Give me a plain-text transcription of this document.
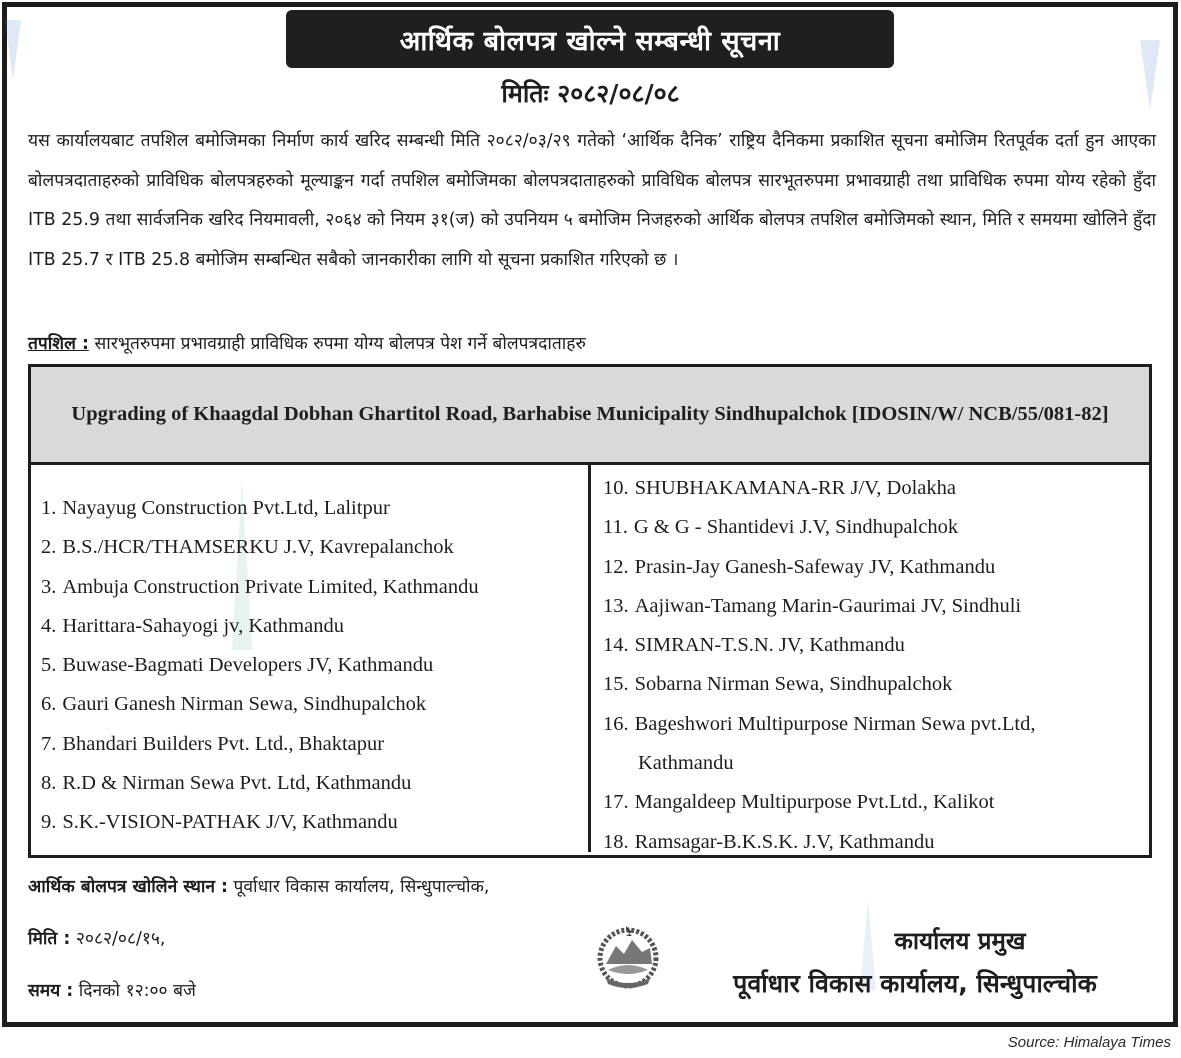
आर्थिक बोलपत्र खोल्ने सम्बन्धी सूचना
मितिः २०८२/०८/०८

यस कार्यालयबाट तपशिल बमोजिमका निर्माण कार्य खरिद सम्बन्धी मिति २०८२/०३/२९ गतेको ‘आर्थिक दैनिक’ राष्ट्रिय दैनिकमा प्रकाशित सूचना बमोजिम रितपूर्वक दर्ता हुन आएका बोलपत्रदाताहरुको प्राविधिक बोलपत्रहरुको मूल्याङ्कन गर्दा तपशिल बमोजिमका बोलपत्रदाताहरुको प्राविधिक बोलपत्र सारभूतरुपमा प्रभावग्राही तथा प्राविधिक रुपमा योग्य रहेको हुँदा ITB 25.9 तथा सार्वजनिक खरिद नियमावली, २०६४ को नियम ३१(ज) को उपनियम ५ बमोजिम निजहरुको आर्थिक बोलपत्र तपशिल बमोजिमको स्थान, मिति र समयमा खोलिने हुँदा ITB 25.7 र ITB 25.8 बमोजिम सम्बन्धित सबैको जानकारीका लागि यो सूचना प्रकाशित गरिएको छ ।

तपशिल : सारभूतरुपमा प्रभावग्राही प्राविधिक रुपमा योग्य बोलपत्र पेश गर्ने बोलपत्रदाताहरु
Upgrading of Khaagdal Dobhan Ghartitol Road, Barhabise Municipality Sindhupalchok [IDOSIN/W/ NCB/55/081-82]
1. Nayayug Construction Pvt.Ltd, Lalitpur
2. B.S./HCR/THAMSERKU J.V, Kavrepalanchok
3. Ambuja Construction Private Limited, Kathmandu
4. Harittara-Sahayogi jv, Kathmandu
5. Buwase-Bagmati Developers JV, Kathmandu
6. Gauri Ganesh Nirman Sewa, Sindhupalchok
7. Bhandari Builders Pvt. Ltd., Bhaktapur
8. R.D & Nirman Sewa Pvt. Ltd, Kathmandu
9. S.K.-VISION-PATHAK J/V, Kathmandu
10. SHUBHAKAMANA-RR J/V, Dolakha
11. G & G - Shantidevi J.V, Sindhupalchok
12. Prasin-Jay Ganesh-Safeway JV, Kathmandu
13. Aajiwan-Tamang Marin-Gaurimai JV, Sindhuli
14. SIMRAN-T.S.N. JV, Kathmandu
15. Sobarna Nirman Sewa, Sindhupalchok
16. Bageshwori Multipurpose Nirman Sewa pvt.Ltd,
Kathmandu
17. Mangaldeep Multipurpose Pvt.Ltd., Kalikot
18. Ramsagar-B.K.S.K. J.V, Kathmandu
आर्थिक बोलपत्र खोलिने स्थान : पूर्वाधार विकास कार्यालय, सिन्धुपाल्चोक,
मिति : २०८२/०८/१५,
समय : दिनको १२:०० बजे
कार्यालय प्रमुख
पूर्वाधार विकास कार्यालय, सिन्धुपाल्चोक
Source: Himalaya Times
